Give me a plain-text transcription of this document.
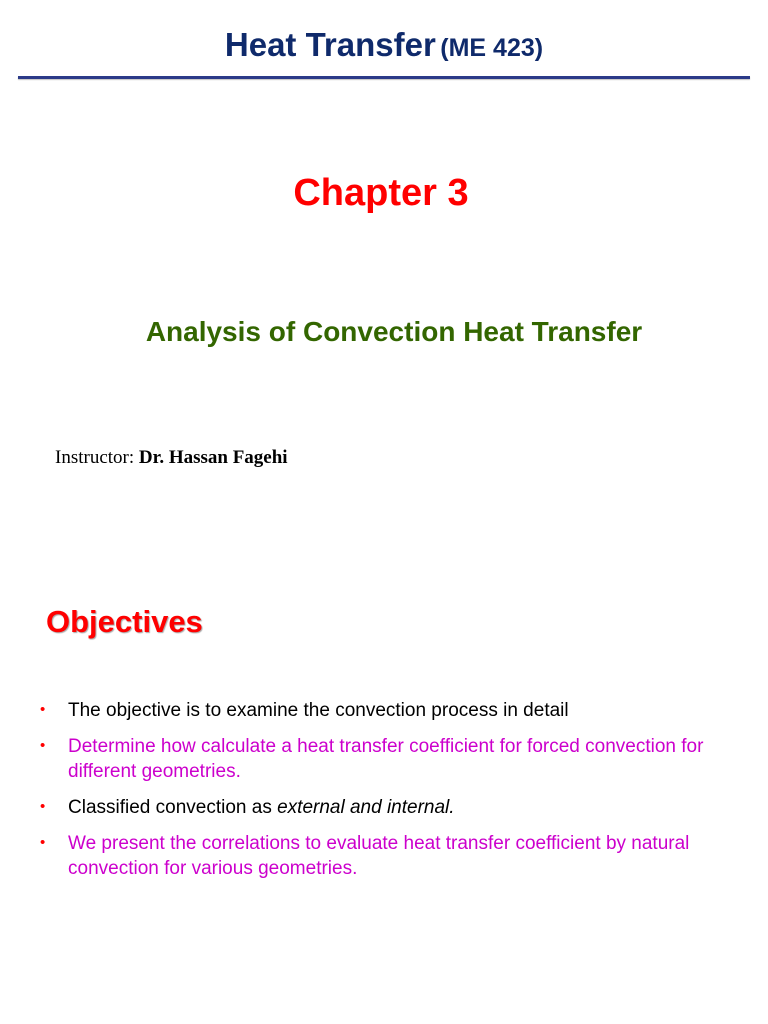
Heat Transfer (ME 423)
Chapter 3
Analysis of Convection Heat Transfer
Instructor: Dr. Hassan Fagehi
Objectives
• The objective is to examine the convection process in detail
• Determine how calculate a heat transfer coefficient for forced convection for different geometries.
• Classified convection as external and internal.
• We present the correlations to evaluate heat transfer coefficient by natural convection for various geometries.
